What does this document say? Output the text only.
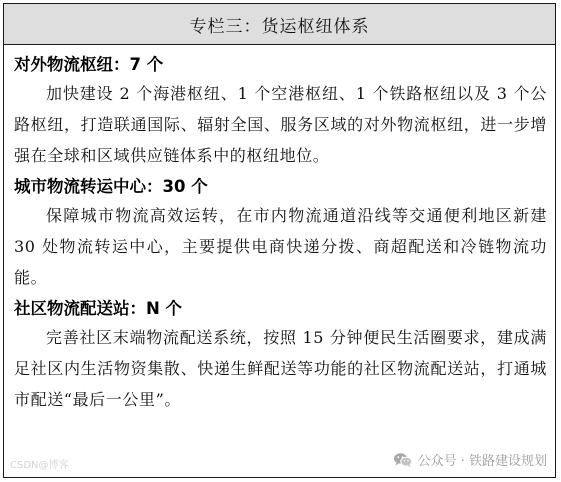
专栏三：货运枢纽体系
对外物流枢纽：7 个

加快建设 2 个海港枢纽、1 个空港枢纽、1 个铁路枢纽以及 3 个公路枢纽，打造联通国际、辐射全国、服务区域的对外物流枢纽，进一步增强在全球和区域供应链体系中的枢纽地位。

城市物流转运中心：30 个

保障城市物流高效运转，在市内物流通道沿线等交通便利地区新建 30 处物流转运中心，主要提供电商快递分拨、商超配送和冷链物流功能。

社区物流配送站：N 个

完善社区末端物流配送系统，按照 15 分钟便民生活圈要求，建成满足社区内生活物资集散、快递生鲜配送等功能的社区物流配送站，打通城市配送“最后一公里”。

CSDN@博客	公众号 · 铁路建设规划
